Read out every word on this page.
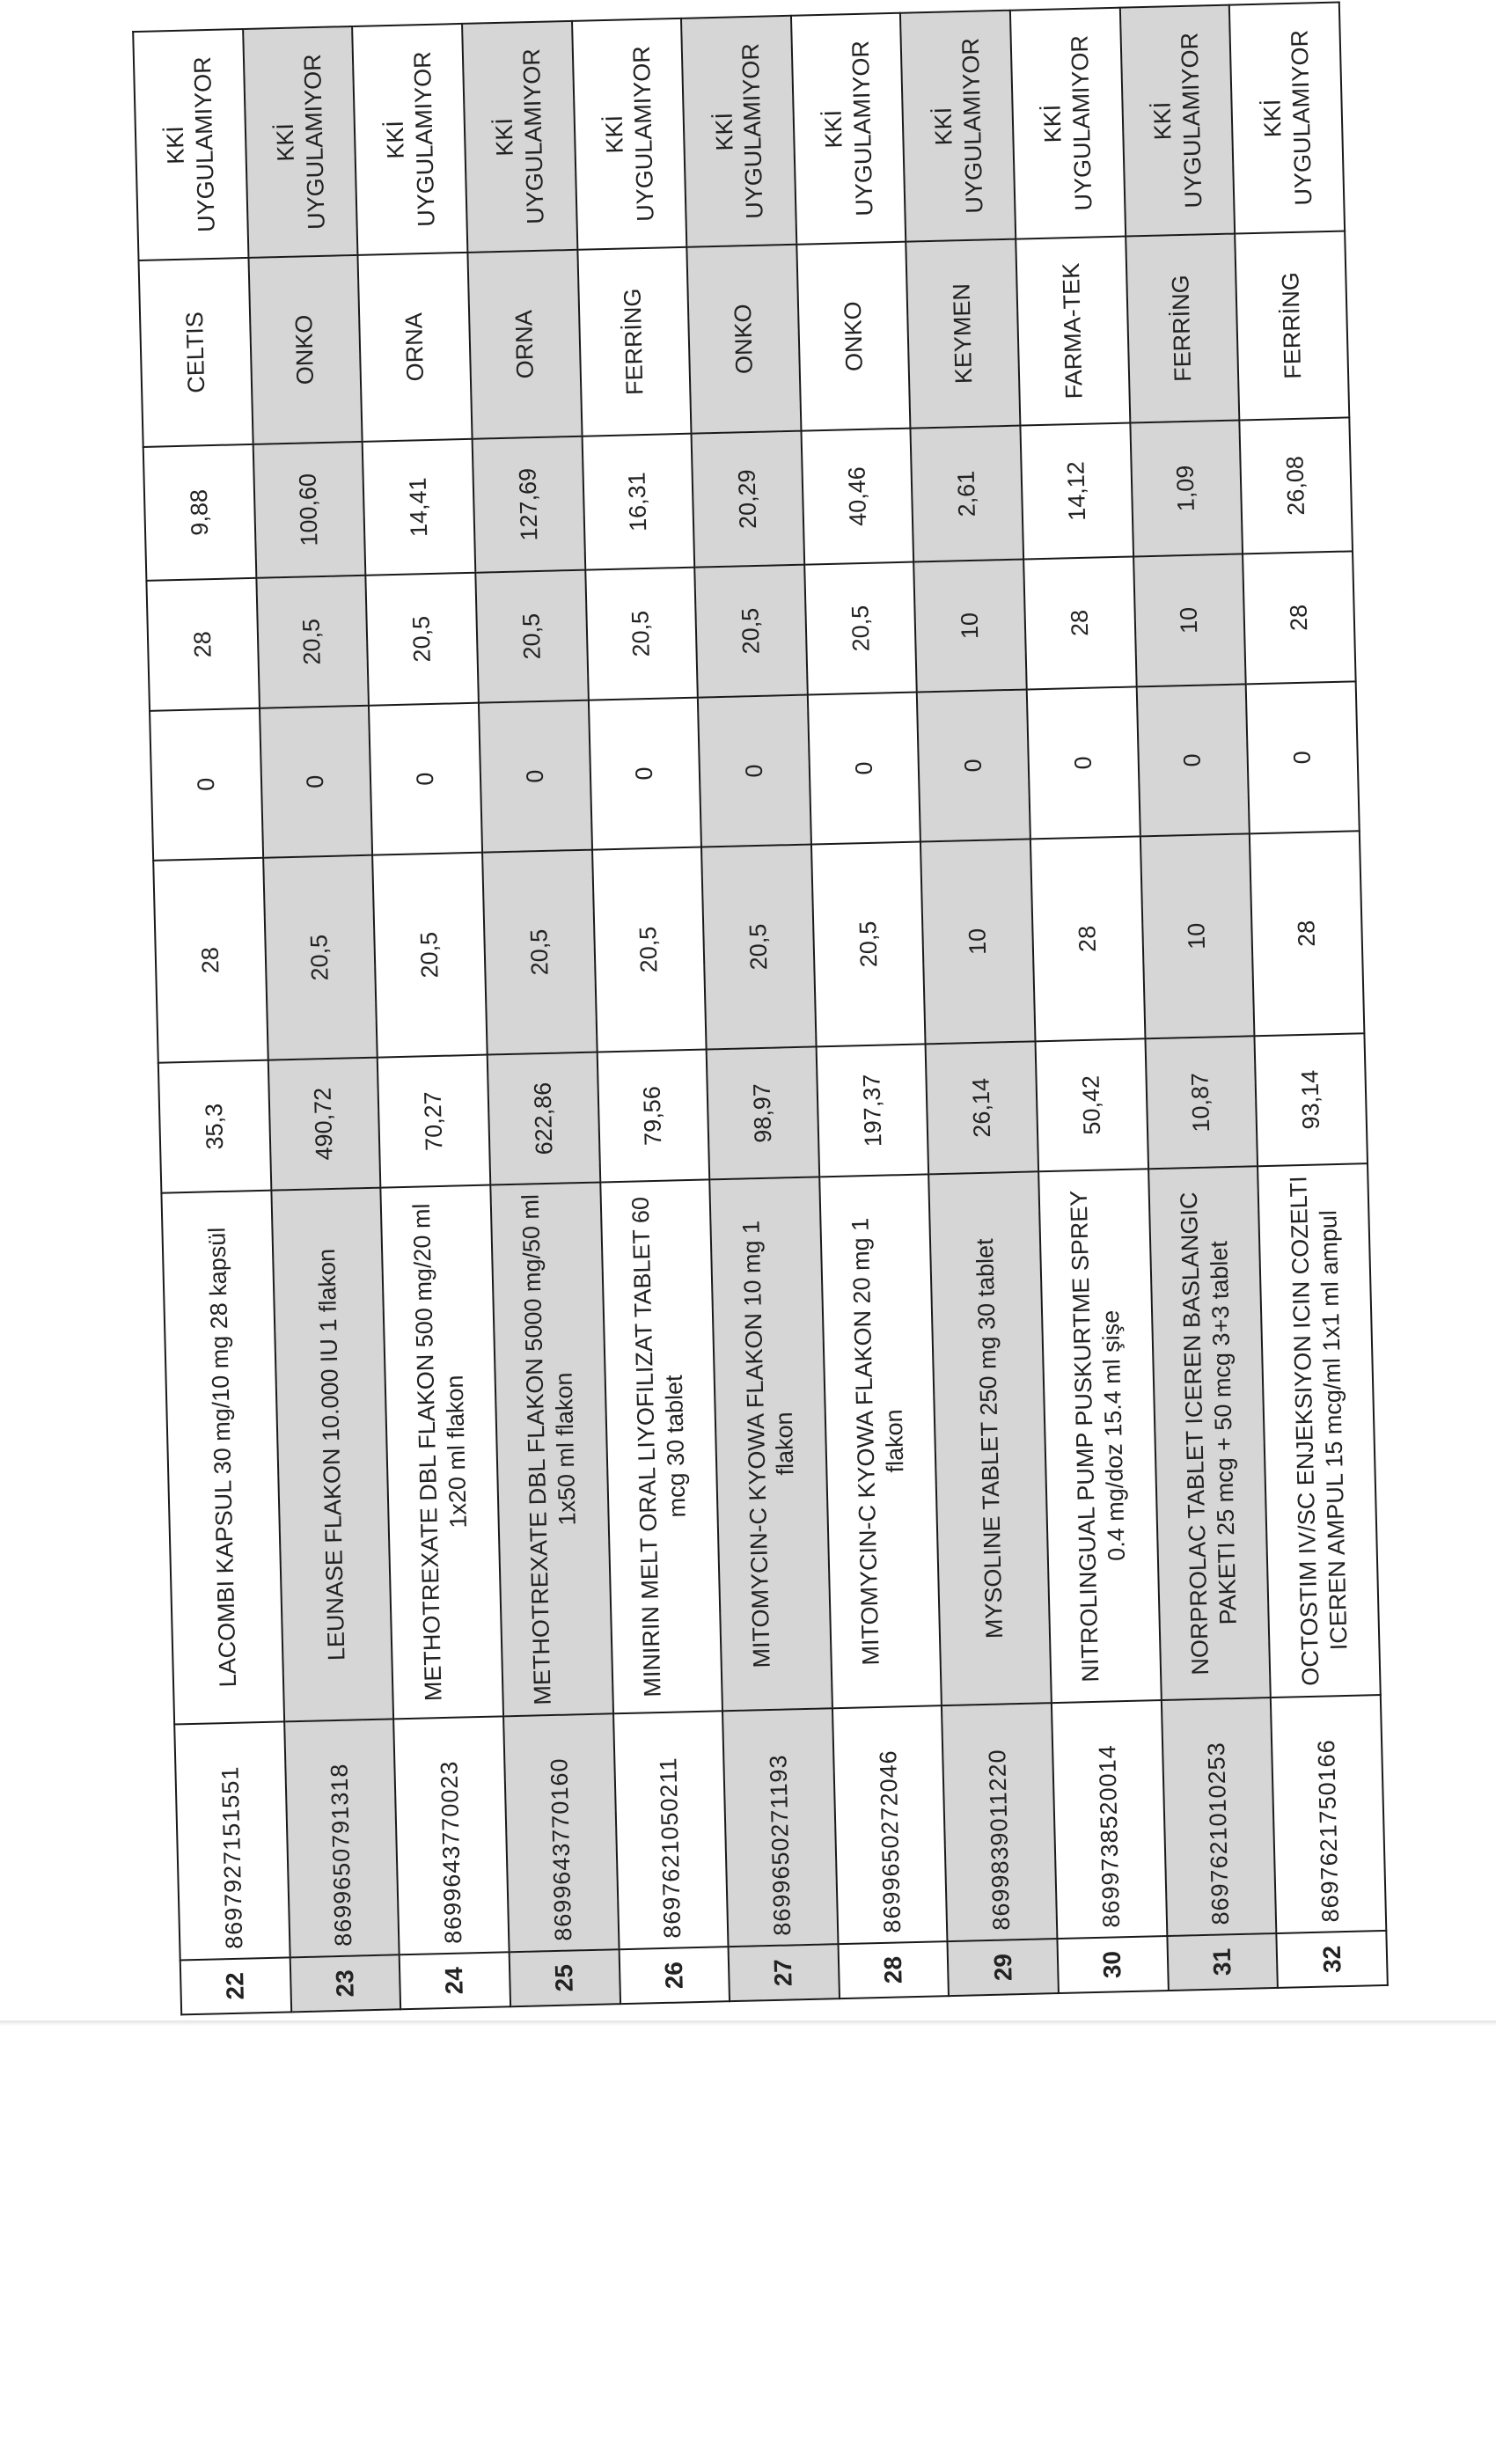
22	8697927151551	LACOMBI KAPSUL 30 mg/10 mg 28 kapsül	35,3	28	0	28	9,88	CELTIS	KKİ UYGULAMIYOR
23	8699650791318	LEUNASE FLAKON 10.000 IU 1 flakon	490,72	20,5	0	20,5	100,60	ONKO	KKİ UYGULAMIYOR
24	8699643770023	METHOTREXATE DBL FLAKON 500 mg/20 ml 1x20 ml flakon	70,27	20,5	0	20,5	14,41	ORNA	KKİ UYGULAMIYOR
25	8699643770160	METHOTREXATE DBL FLAKON 5000 mg/50 ml 1x50 ml flakon	622,86	20,5	0	20,5	127,69	ORNA	KKİ UYGULAMIYOR
26	8697621050211	MINIRIN MELT ORAL LIYOFILIZAT TABLET 60 mcg 30 tablet	79,56	20,5	0	20,5	16,31	FERRİNG	KKİ UYGULAMIYOR
27	8699650271193	MITOMYCIN-C KYOWA FLAKON 10 mg 1 flakon	98,97	20,5	0	20,5	20,29	ONKO	KKİ UYGULAMIYOR
28	8699650272046	MITOMYCIN-C KYOWA FLAKON 20 mg 1 flakon	197,37	20,5	0	20,5	40,46	ONKO	KKİ UYGULAMIYOR
29	8699839011220	MYSOLINE TABLET 250 mg 30 tablet	26,14	10	0	10	2,61	KEYMEN	KKİ UYGULAMIYOR
30	8699738520014	NITROLINGUAL PUMP PUSKURTME SPREY 0.4 mg/doz 15.4 ml şişe	50,42	28	0	28	14,12	FARMA-TEK	KKİ UYGULAMIYOR
31	8697621010253	NORPROLAC TABLET ICEREN BASLANGIC PAKETI 25 mcg + 50 mcg 3+3 tablet	10,87	10	0	10	1,09	FERRİNG	KKİ UYGULAMIYOR
32	8697621750166	OCTOSTIM IV/SC ENJEKSIYON ICIN COZELTI ICEREN AMPUL 15 mcg/ml 1x1 ml ampul	93,14	28	0	28	26,08	FERRİNG	KKİ UYGULAMIYOR
